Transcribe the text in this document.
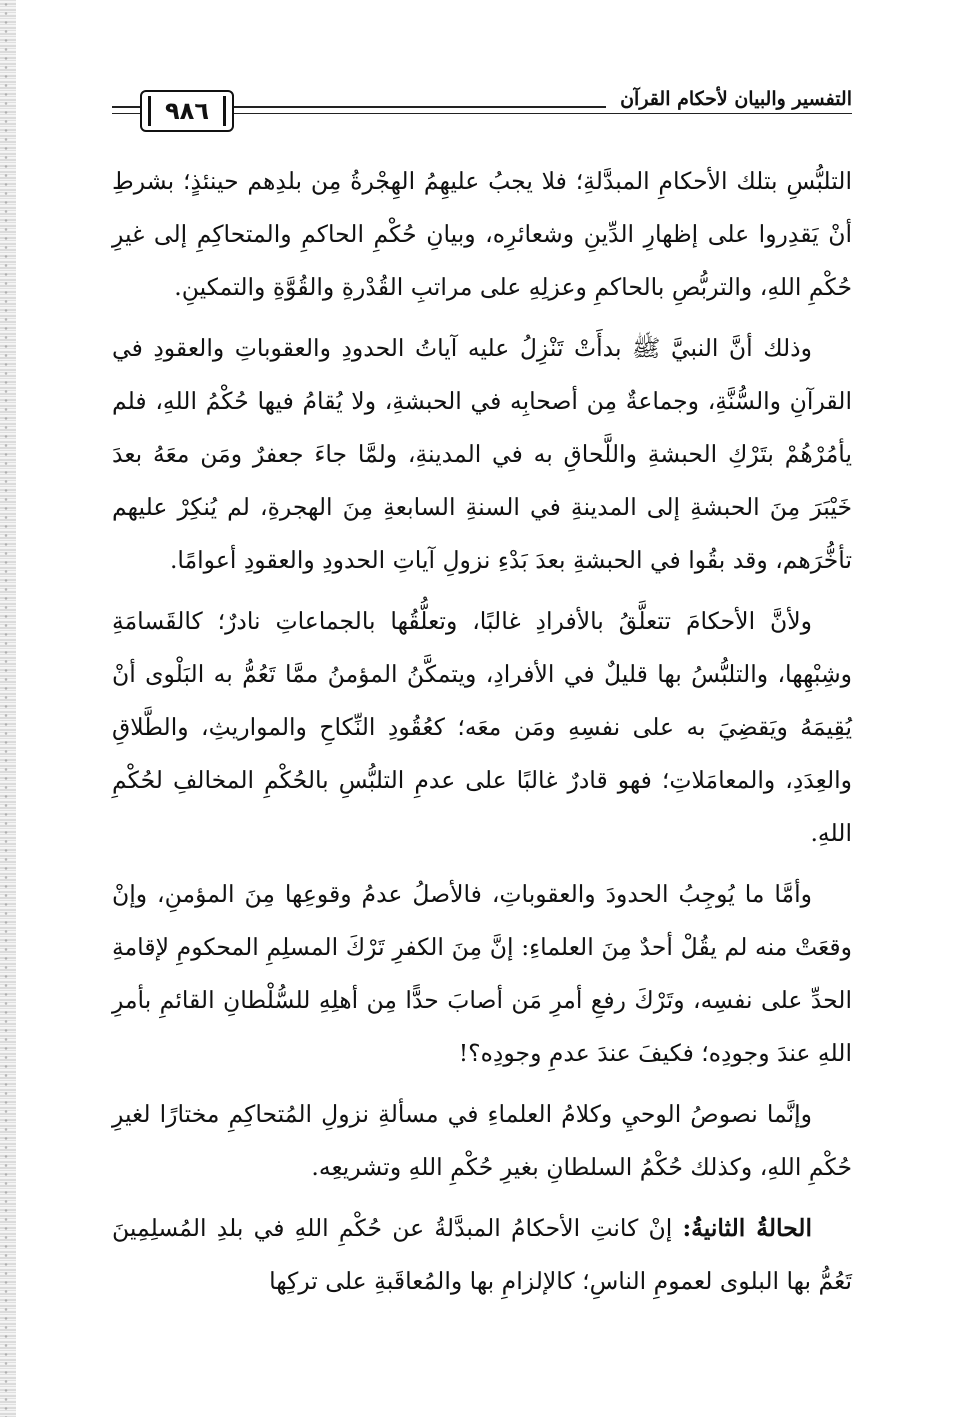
التفسير والبيان لأحكام القرآن
٩٨٦

التلبُّسِ بتلك الأحكامِ المبدَّلةِ؛ فلا يجبُ عليهِمُ الهِجْرةُ مِن بلدِهم حينئذٍ؛ بشرطِ أنْ يَقدِروا على إظهارِ الدِّينِ وشعائرِه، وبيانِ حُكْمِ الحاكمِ والمتحاكِمِ إلى غيرِ حُكْمِ اللهِ، والتربُّصِ بالحاكمِ وعزلِهِ على مراتبِ القُدْرةِ والقُوَّةِ والتمكينِ.

وذلك أنَّ النبيَّ ﷺ بدأَتْ تَنْزِلُ عليه آياتُ الحدودِ والعقوباتِ والعقودِ في القرآنِ والسُّنَّةِ، وجماعةٌ مِن أصحابِه في الحبشةِ، ولا يُقامُ فيها حُكْمُ اللهِ، فلم يأمُرْهُمْ بتَرْكِ الحبشةِ واللَّحاقِ به في المدينةِ، ولمَّا جاءَ جعفرٌ ومَن معَهُ بعدَ خَيْبَرَ مِنَ الحبشةِ إلى المدينةِ في السنةِ السابعةِ مِنَ الهجرةِ، لم يُنكِرْ عليهم تأخُّرَهم، وقد بقُوا في الحبشةِ بعدَ بَدْءِ نزولِ آياتِ الحدودِ والعقودِ أعوامًا.

ولأنَّ الأحكامَ تتعلَّقُ بالأفرادِ غالبًا، وتعلُّقُها بالجماعاتِ نادرٌ؛ كالقَسامَةِ وشِبْهِها، والتلبُّسُ بها قليلٌ في الأفرادِ، ويتمكَّنُ المؤمنُ ممَّا تَعُمُّ به البَلْوى أنْ يُقِيمَهُ ويَقضِيَ به على نفسِهِ ومَن معَه؛ كعُقُودِ النِّكاحِ والمواريثِ، والطَّلاقِ والعِدَدِ، والمعامَلاتِ؛ فهو قادرٌ غالبًا على عدمِ التلبُّسِ بالحُكْمِ المخالفِ لحُكْمِ اللهِ.

وأمَّا ما يُوجِبُ الحدودَ والعقوباتِ، فالأصلُ عدمُ وقوعِها مِنَ المؤمنِ، وإنْ وقعَتْ منه لم يقُلْ أحدٌ مِنَ العلماءِ: إنَّ مِنَ الكفرِ تَرْكَ المسلِمِ المحكومِ لإقامةِ الحدِّ على نفسِه، وتَرْكَ رفعِ أمرِ مَن أصابَ حدًّا مِن أهلِهِ للسُّلْطانِ القائمِ بأمرِ اللهِ عندَ وجودِه؛ فكيفَ عندَ عدمِ وجودِه؟!

وإنَّما نصوصُ الوحيِ وكلامُ العلماءِ في مسألةِ نزولِ المُتحاكِمِ مختارًا لغيرِ حُكْمِ اللهِ، وكذلك حُكْمُ السلطانِ بغيرِ حُكْمِ اللهِ وتشريعِه.

الحالةُ الثانيةُ: إنْ كانتِ الأحكامُ المبدَّلةُ عن حُكْمِ اللهِ في بلدِ المُسلِمِينَ تَعُمُّ بها البلوى لعمومِ الناسِ؛ كالإلزامِ بها والمُعاقَبةِ على تركِها
